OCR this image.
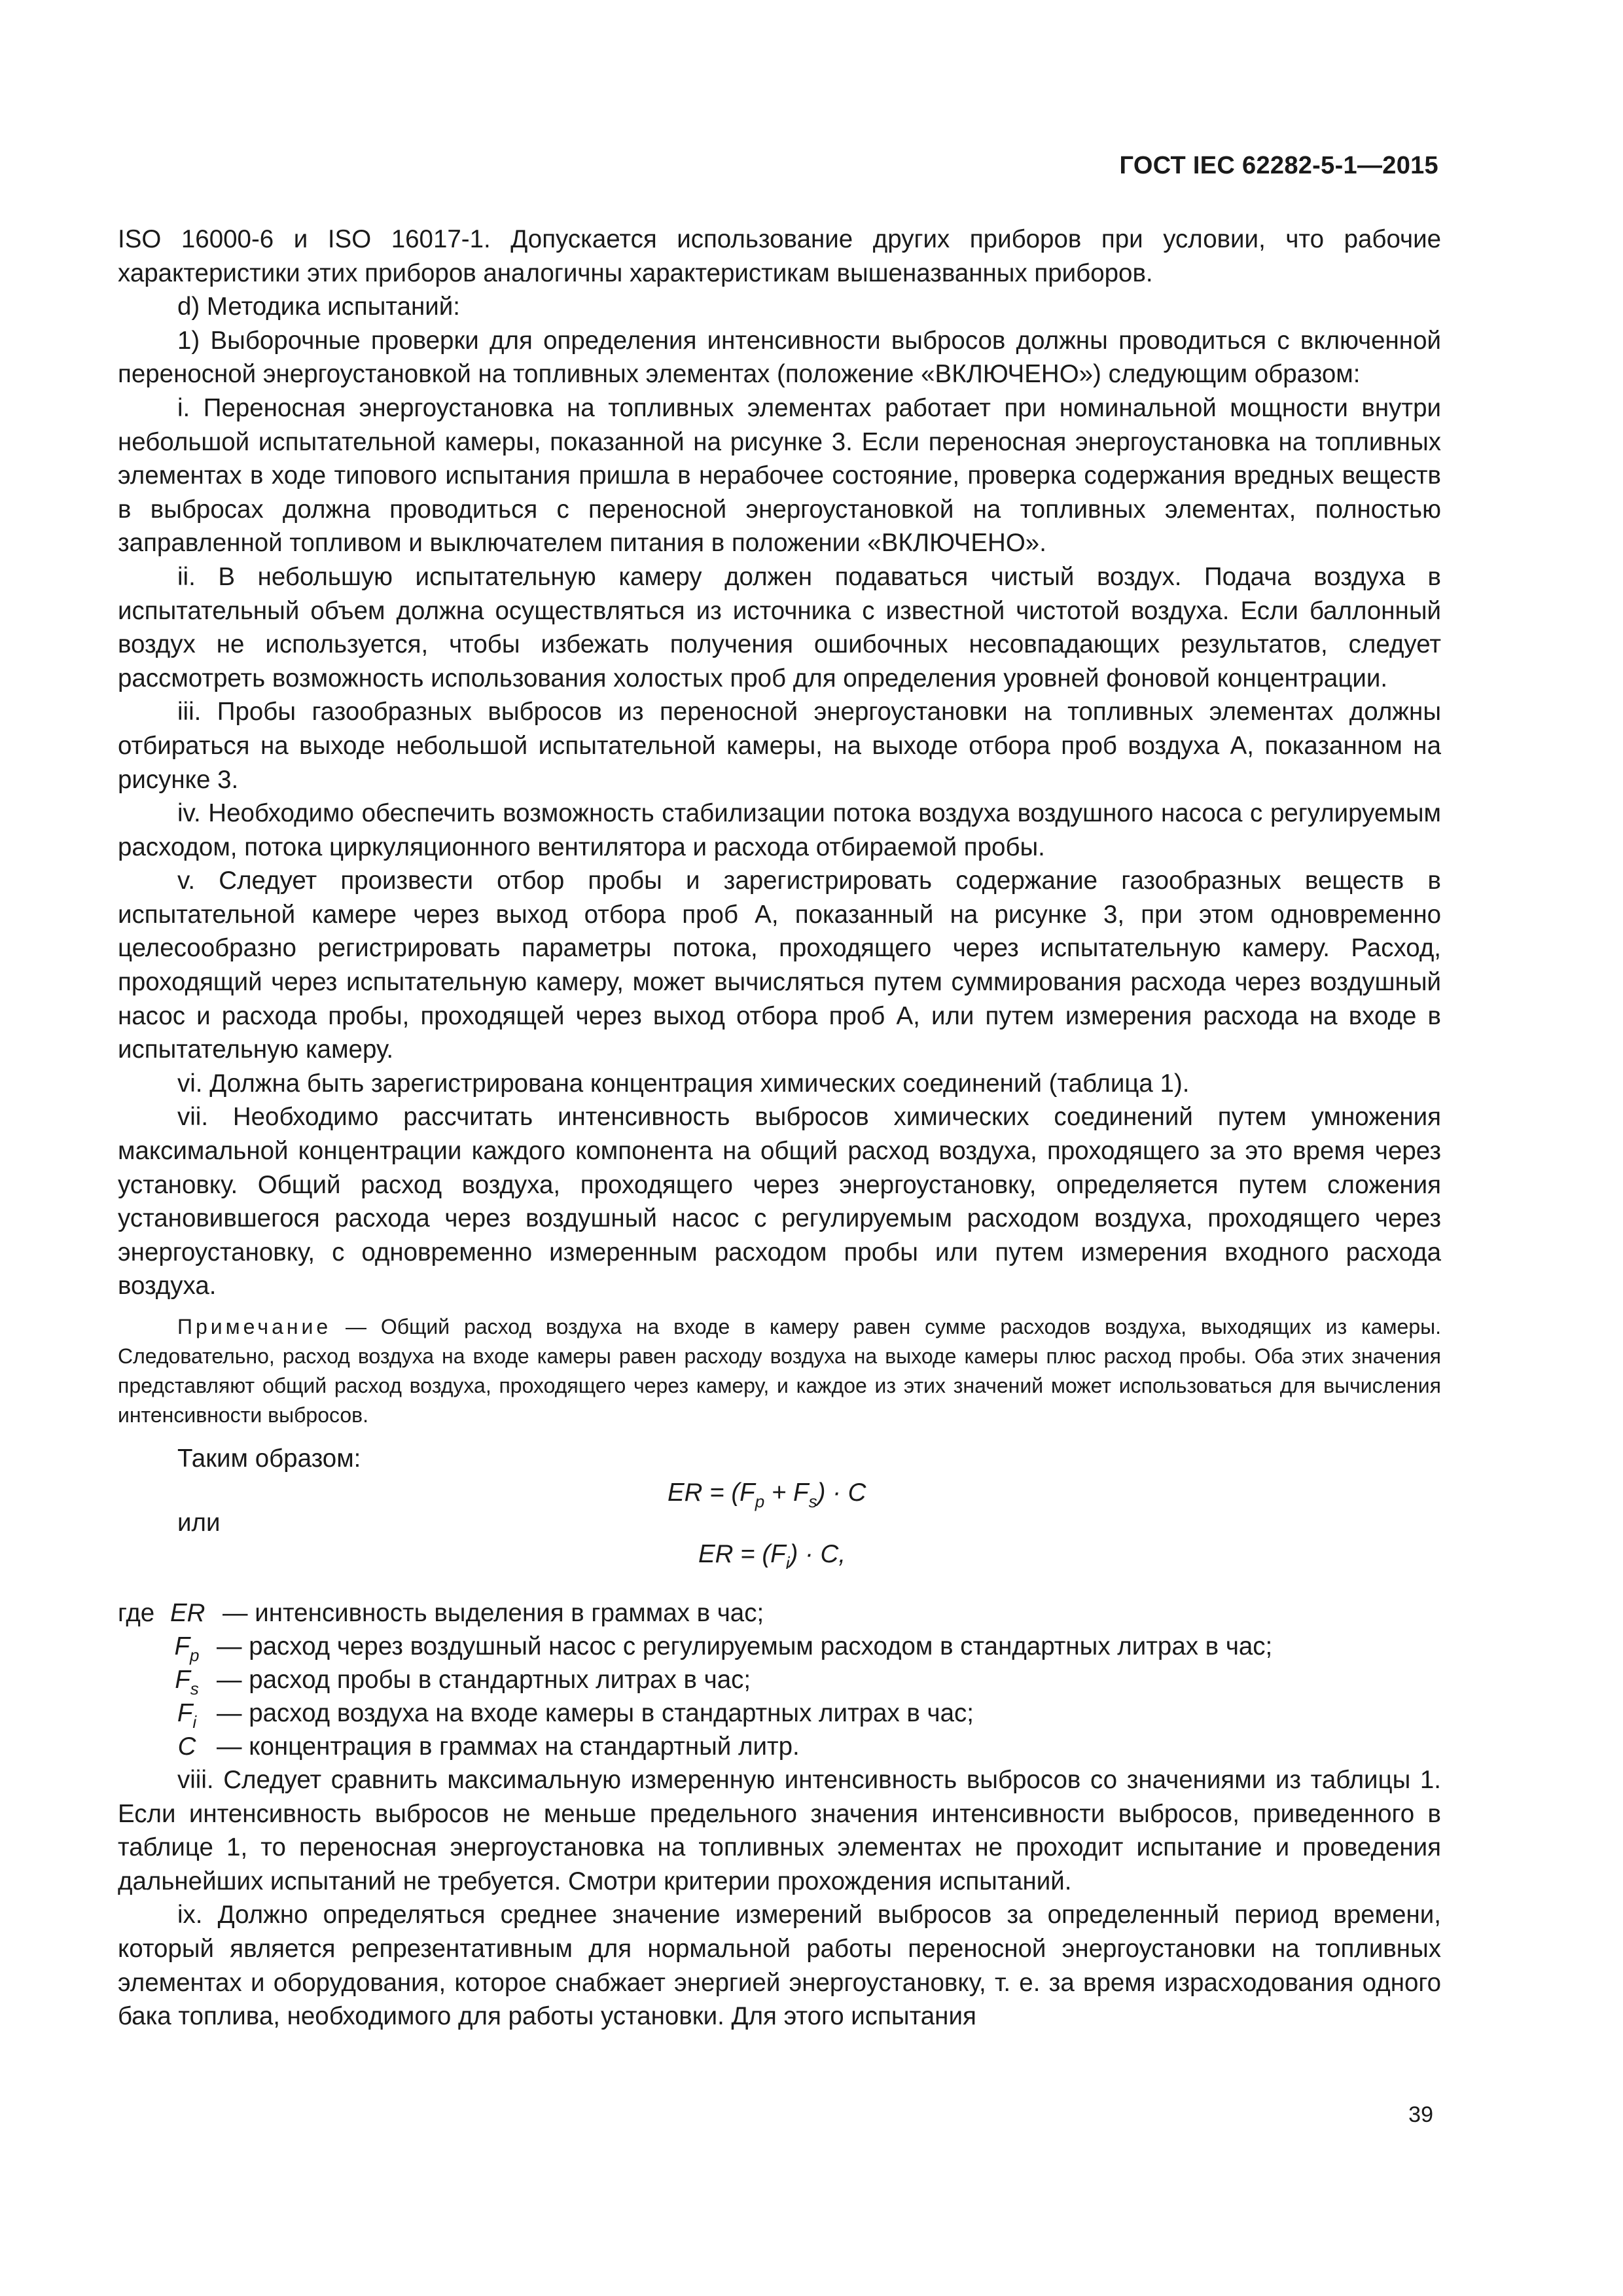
ГОСТ IEC 62282-5-1—2015

ISO 16000-6 и ISO 16017-1. Допускается использование других приборов при условии, что рабочие характеристики этих приборов аналогичны характеристикам вышеназванных приборов.

d) Методика испытаний:

1) Выборочные проверки для определения интенсивности выбросов должны проводиться с включенной переносной энергоустановкой на топливных элементах (положение «ВКЛЮЧЕНО») следующим образом:

i. Переносная энергоустановка на топливных элементах работает при номинальной мощности внутри небольшой испытательной камеры, показанной на рисунке 3. Если переносная энергоустановка на топливных элементах в ходе типового испытания пришла в нерабочее состояние, проверка содержания вредных веществ в выбросах должна проводиться с переносной энергоустановкой на топливных элементах, полностью заправленной топливом и выключателем питания в положении «ВКЛЮЧЕНО».

ii. В небольшую испытательную камеру должен подаваться чистый воздух. Подача воздуха в испытательный объем должна осуществляться из источника с известной чистотой воздуха. Если баллонный воздух не используется, чтобы избежать получения ошибочных несовпадающих результатов, следует рассмотреть возможность использования холостых проб для определения уровней фоновой концентрации.

iii. Пробы газообразных выбросов из переносной энергоустановки на топливных элементах должны отбираться на выходе небольшой испытательной камеры, на выходе отбора проб воздуха А, показанном на рисунке 3.

iv. Необходимо обеспечить возможность стабилизации потока воздуха воздушного насоса с регулируемым расходом, потока циркуляционного вентилятора и расхода отбираемой пробы.

v. Следует произвести отбор пробы и зарегистрировать содержание газообразных веществ в испытательной камере через выход отбора проб А, показанный на рисунке 3, при этом одновременно целесообразно регистрировать параметры потока, проходящего через испытательную камеру. Расход, проходящий через испытательную камеру, может вычисляться путем суммирования расхода через воздушный насос и расхода пробы, проходящей через выход отбора проб А, или путем измерения расхода на входе в испытательную камеру.

vi. Должна быть зарегистрирована концентрация химических соединений (таблица 1).

vii. Необходимо рассчитать интенсивность выбросов химических соединений путем умножения максимальной концентрации каждого компонента на общий расход воздуха, проходящего за это время через установку. Общий расход воздуха, проходящего через энергоустановку, определяется путем сложения установившегося расхода через воздушный насос с регулируемым расходом воздуха, проходящего через энергоустановку, с одновременно измеренным расходом пробы или путем измерения входного расхода воздуха.

Примечание — Общий расход воздуха на входе в камеру равен сумме расходов воздуха, выходящих из камеры. Следовательно, расход воздуха на входе камеры равен расходу воздуха на выходе камеры плюс расход пробы. Оба этих значения представляют общий расход воздуха, проходящего через камеру, и каждое из этих значений может использоваться для вычисления интенсивности выбросов.

Таким образом:
ER = $(F_p + F_s) \cdot C$
или
ER = $(F_i) \cdot C$,
где ER — интенсивность выделения в граммах в час;
$F_p$ — расход через воздушный насос с регулируемым расходом в стандартных литрах в час;
$F_s$ — расход пробы в стандартных литрах в час;
$F_i$ — расход воздуха на входе камеры в стандартных литрах в час;
C — концентрация в граммах на стандартный литр.

viii. Следует сравнить максимальную измеренную интенсивность выбросов со значениями из таблицы 1. Если интенсивность выбросов не меньше предельного значения интенсивности выбросов, приведенного в таблице 1, то переносная энергоустановка на топливных элементах не проходит испытание и проведения дальнейших испытаний не требуется. Смотри критерии прохождения испытаний.

ix. Должно определяться среднее значение измерений выбросов за определенный период времени, который является репрезентативным для нормальной работы переносной энергоустановки на топливных элементах и оборудования, которое снабжает энергией энергоустановку, т. е. за время израсходования одного бака топлива, необходимого для работы установки. Для этого испытания

39
